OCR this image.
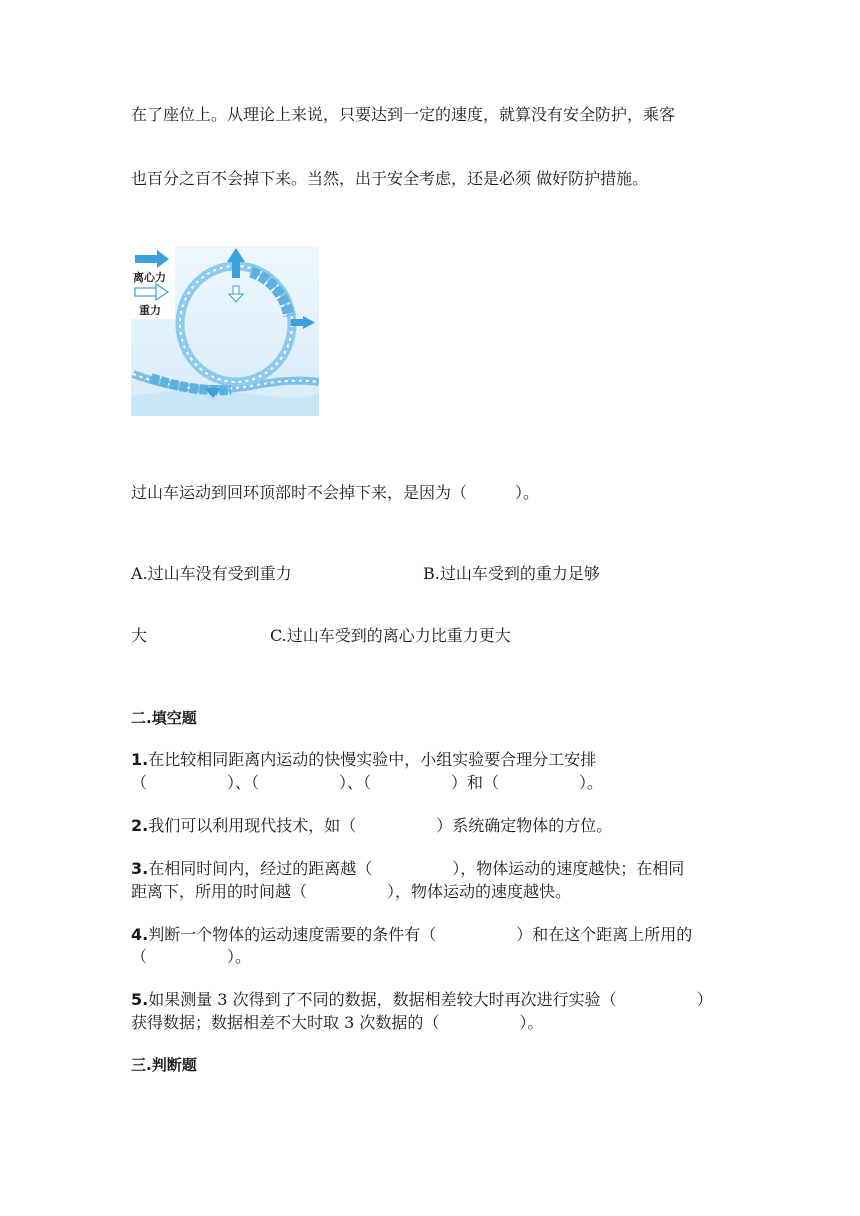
在了座位上。从理论上来说，只要达到一定的速度，就算没有安全防护，乘客
也百分之百不会掉下来。当然，出于安全考虑，还是必须 做好防护措施。
离心力
重力
过山车运动到回环顶部时不会掉下来，是因为（　　　）。
A.过山车没有受到重力	B.过山车受到的重力足够
大	C.过山车受到的离心力比重力更大
二.填空题
1.在比较相同距离内运动的快慢实验中，小组实验要合理分工安排
（　　　　　）、（　　　　　）、（　　　　　）和（　　　　　）。
2.我们可以利用现代技术，如（　　　　　）系统确定物体的方位。
3.在相同时间内，经过的距离越（　　　　　），物体运动的速度越快；在相同
距离下，所用的时间越（　　　　　），物体运动的速度越快。
4.判断一个物体的运动速度需要的条件有（　　　　　）和在这个距离上所用的
（　　　　　）。
5.如果测量 3 次得到了不同的数据，数据相差较大时再次进行实验（　　　　　）
获得数据；数据相差不大时取 3 次数据的（　　　　　）。
三.判断题
